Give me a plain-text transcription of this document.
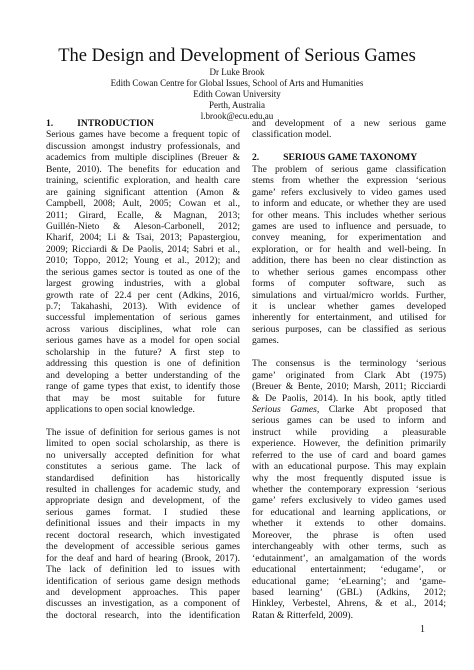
The Design and Development of Serious Games
Dr Luke Brook
Edith Cowan Centre for Global Issues, School of Arts and Humanities
Edith Cowan University
Perth, Australia
l.brook@ecu.edu.au
1.          INTRODUCTION
Serious games have become a frequent topic of
discussion amongst industry professionals, and
academics from multiple disciplines (Breuer &
Bente, 2010). The benefits for education and
training, scientific exploration, and health care
are gaining significant attention (Amon &
Campbell, 2008; Ault, 2005; Cowan et al.,
2011; Girard, Ecalle, & Magnan, 2013;
Guillén-Nieto & Aleson-Carbonell, 2012;
Kharif, 2004; Li & Tsai, 2013; Papastergiou,
2009; Ricciardi & De Paolis, 2014; Sabri et al.,
2010; Toppo, 2012; Young et al., 2012); and
the serious games sector is touted as one of the
largest growing industries, with a global
growth rate of 22.4 per cent (Adkins, 2016,
p.7; Takahashi, 2013). With evidence of
successful implementation of serious games
across various disciplines, what role can
serious games have as a model for open social
scholarship in the future? A first step to
addressing this question is one of definition
and developing a better understanding of the
range of game types that exist, to identify those
that may be most suitable for future
applications to open social knowledge.
The issue of definition for serious games is not
limited to open social scholarship, as there is
no universally accepted definition for what
constitutes a serious game. The lack of
standardised definition has historically
resulted in challenges for academic study, and
appropriate design and development, of the
serious games format. I studied these
definitional issues and their impacts in my
recent doctoral research, which investigated
the development of accessible serious games
for the deaf and hard of hearing (Brook, 2017).
The lack of definition led to issues with
identification of serious game design methods
and development approaches. This paper
discusses an investigation, as a component of
the doctoral research, into the identification
and development of a new serious game
classification model.
2.          SERIOUS GAME TAXONOMY
The problem of serious game classification
stems from whether the expression ‘serious
game’ refers exclusively to video games used
to inform and educate, or whether they are used
for other means. This includes whether serious
games are used to influence and persuade, to
convey meaning, for experimentation and
exploration, or for health and well-being. In
addition, there has been no clear distinction as
to whether serious games encompass other
forms of computer software, such as
simulations and virtual/micro worlds. Further,
it is unclear whether games developed
inherently for entertainment, and utilised for
serious purposes, can be classified as serious
games.
The consensus is the terminology ‘serious
game’ originated from Clark Abt (1975)
(Breuer & Bente, 2010; Marsh, 2011; Ricciardi
& De Paolis, 2014). In his book, aptly titled
Serious Games, Clarke Abt proposed that
serious games can be used to inform and
instruct while providing a pleasurable
experience. However, the definition primarily
referred to the use of card and board games
with an educational purpose. This may explain
why the most frequently disputed issue is
whether the contemporary expression ‘serious
game’ refers exclusively to video games used
for educational and learning applications, or
whether it extends to other domains.
Moreover, the phrase is often used
interchangeably with other terms, such as
‘edutainment’, an amalgamation of the words
educational entertainment; ‘edugame’, or
educational game; ‘eLearning’; and ‘game-
based learning’ (GBL) (Adkins, 2012;
Hinkley, Verbestel, Ahrens, & et al., 2014;
Ratan & Ritterfeld, 2009).
1
